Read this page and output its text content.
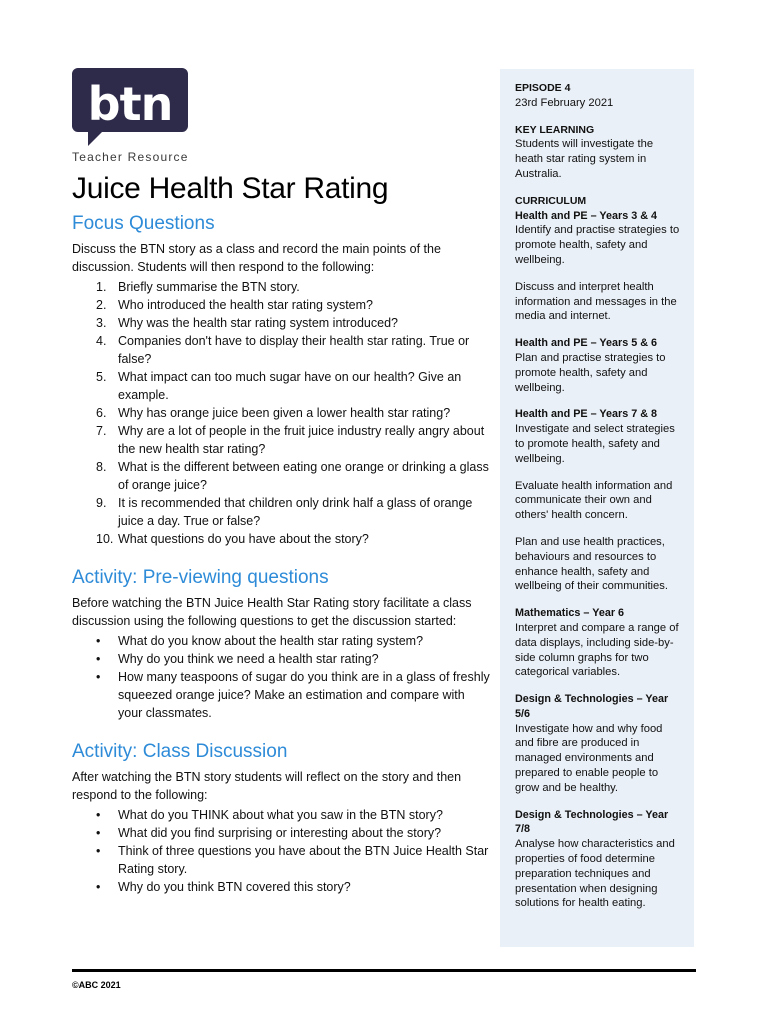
btn
Teacher Resource
Juice Health Star Rating
Focus Questions

Discuss the BTN story as a class and record the main points of the discussion. Students will then respond to the following:

1. Briefly summarise the BTN story.
2. Who introduced the health star rating system?
3. Why was the health star rating system introduced?
4. Companies don't have to display their health star rating. True or false?
5. What impact can too much sugar have on our health? Give an example.
6. Why has orange juice been given a lower health star rating?
7. Why are a lot of people in the fruit juice industry really angry about the new health star rating?
8. What is the different between eating one orange or drinking a glass of orange juice?
9. It is recommended that children only drink half a glass of orange juice a day. True or false?
10. What questions do you have about the story?
Activity: Pre-viewing questions

Before watching the BTN Juice Health Star Rating story facilitate a class discussion using the following questions to get the discussion started:

• What do you know about the health star rating system?
• Why do you think we need a health star rating?
• How many teaspoons of sugar do you think are in a glass of freshly squeezed orange juice? Make an estimation and compare with your classmates.
Activity: Class Discussion

After watching the BTN story students will reflect on the story and then respond to the following:

• What do you THINK about what you saw in the BTN story?
• What did you find surprising or interesting about the story?
• Think of three questions you have about the BTN Juice Health Star Rating story.
• Why do you think BTN covered this story?
EPISODE 4
23rd February 2021
KEY LEARNING
Students will investigate the heath star rating system in Australia.
CURRICULUM
Health and PE – Years 3 & 4
Identify and practise strategies to promote health, safety and wellbeing.
Discuss and interpret health information and messages in the media and internet.
Health and PE – Years 5 & 6
Plan and practise strategies to promote health, safety and wellbeing.
Health and PE – Years 7 & 8
Investigate and select strategies to promote health, safety and wellbeing.
Evaluate health information and communicate their own and others' health concern.
Plan and use health practices, behaviours and resources to enhance health, safety and wellbeing of their communities.
Mathematics – Year 6
Interpret and compare a range of data displays, including side-by-side column graphs for two categorical variables.
Design & Technologies – Year 5/6
Investigate how and why food and fibre are produced in managed environments and prepared to enable people to grow and be healthy.
Design & Technologies – Year 7/8
Analyse how characteristics and properties of food determine preparation techniques and presentation when designing solutions for health eating.
©ABC 2021
